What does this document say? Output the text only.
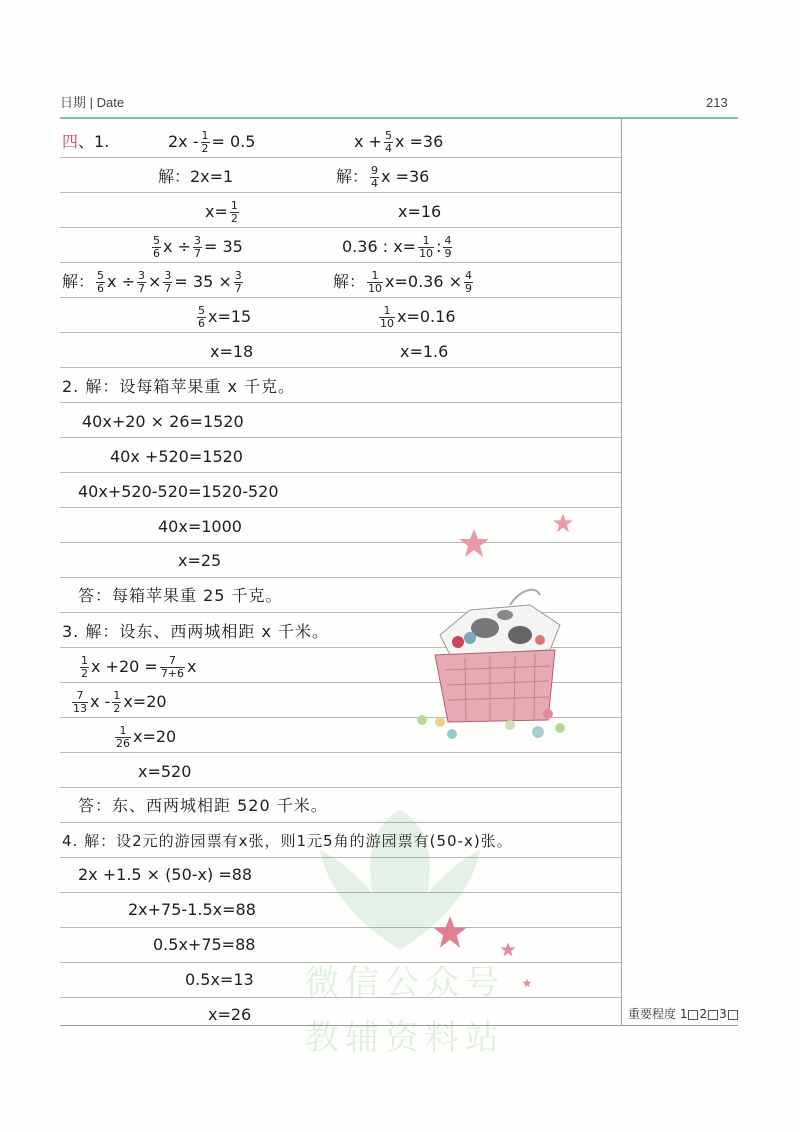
日期 | Date	213
微信公众号
教辅资料站
四、1.	$2x - \frac{1}{2} = 0.5$
解：2x=1
$x= \frac{1}{2}$
$x + \frac{5}{4}$ x =36
解： $\frac{9}{4}$ x =36
x=16
$\frac{5}{6}$ $x \div \frac{3}{7} = 35$
解： $\frac{5}{6}$ $x \div \frac{3}{7} \times \frac{3}{7} = 35 \times \frac{3}{7}$
$\frac{5}{6} x=15$
x=18
0.36 : $x= \frac{1}{10}$ : $\frac{4}{9}$
解： $\frac{1}{10} x=0.36 \times \frac{4}{9}$
$\frac{1}{10} x=0.16$
x=1.6
2. 解：设每箱苹果重 x 千克。
40x+20 × 26=1520
40x +520=1520
40x+520-520=1520-520
40x=1000
x=25
答：每箱苹果重 25 千克。
3. 解：设东、西两城相距 x 千米。
$\frac{1}{2}$ $x +20 = \frac{7}{7+6}$ x
$\frac{7}{13}$ $x - \frac{1}{2} x=20$
$\frac{1}{26} x=20$
x=520
答：东、西两城相距 520 千米。
4. 解：设2元的游园票有x张，则1元5角的游园票有(50-x)张。
2x +1.5 × (50-x) =88
2x+75-1.5x=88
0.5x+75=88
0.5x=13
x=26	重要程度 1 2 3
